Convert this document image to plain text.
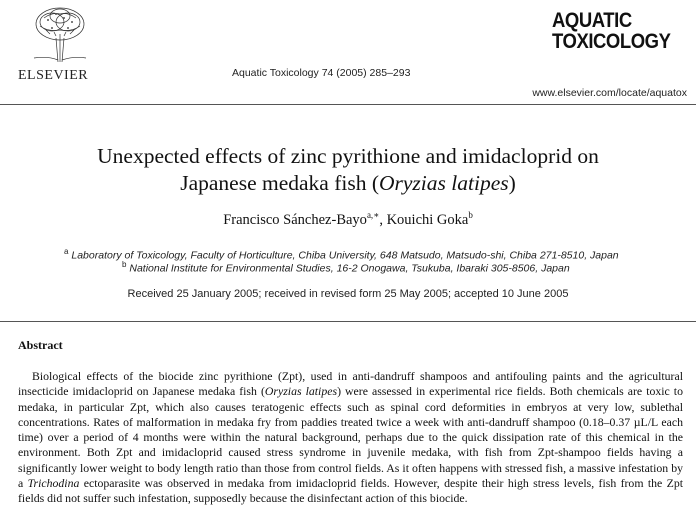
ELSEVIER	Aquatic Toxicology 74 (2005) 285–293
AQUATIC
TOXICOLOGY
www.elsevier.com/locate/aquatox
Unexpected effects of zinc pyrithione and imidacloprid on
Japanese medaka fish (Oryzias latipes)
Francisco Sánchez-Bayo$^{a,∗}$, Kouichi Goka$^b$
$^a$ Laboratory of Toxicology, Faculty of Horticulture, Chiba University, 648 Matsudo, Matsudo-shi, Chiba 271-8510, Japan
$^b$ National Institute for Environmental Studies, 16-2 Onogawa, Tsukuba, Ibaraki 305-8506, Japan
Received 25 January 2005; received in revised form 25 May 2005; accepted 10 June 2005
Abstract
Biological effects of the biocide zinc pyrithione (Zpt), used in anti-dandruff shampoos and antifouling paints and the agricultural insecticide imidacloprid on Japanese medaka fish (Oryzias latipes) were assessed in experimental rice fields. Both chemicals are toxic to medaka, in particular Zpt, which also causes teratogenic effects such as spinal cord deformities in embryos at very low, sublethal concentrations. Rates of malformation in medaka fry from paddies treated twice a week with anti-dandruff shampoo (0.18–0.37 µL/L each time) over a period of 4 months were within the natural background, perhaps due to the quick dissipation rate of this chemical in the environment. Both Zpt and imidacloprid caused stress syndrome in juvenile medaka, with fish from Zpt-shampoo fields having a significantly lower weight to body length ratio than those from control fields. As it often happens with stressed fish, a massive infestation by a Trichodina ectoparasite was observed in medaka from imidacloprid fields. However, despite their high stress levels, fish from the Zpt fields did not suffer such infestation, supposedly because the disinfectant action of this biocide.
